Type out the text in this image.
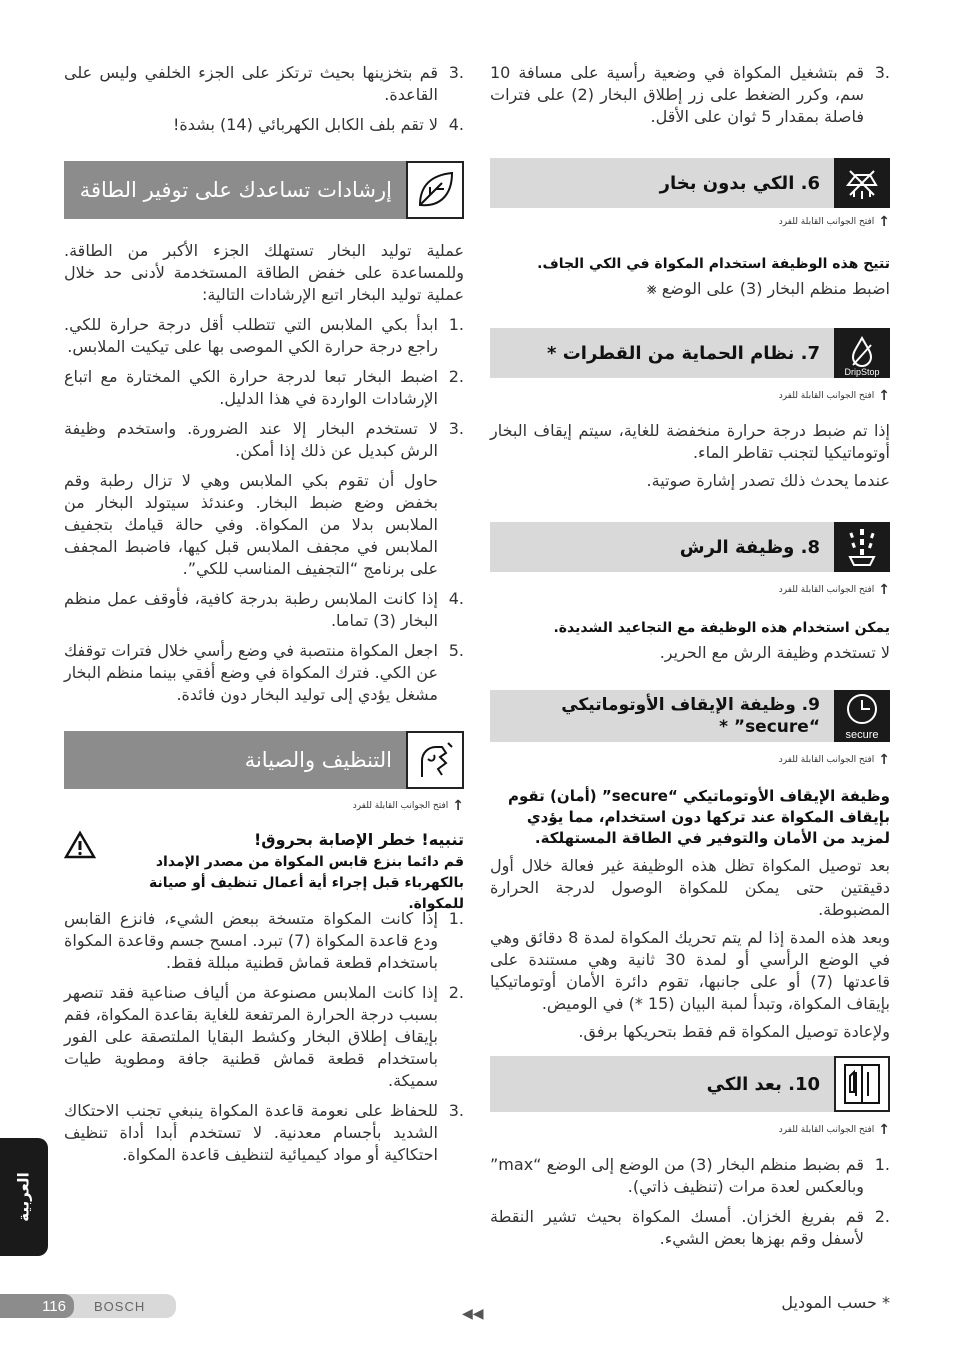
3.
قم بتشغيل المكواة في وضعية رأسية على مسافة 10 سم، وكرر الضغط على زر إطلاق البخار (2) على فترات فاصلة بمقدار 5 ثوان على الأقل.
6. الكي بدون بخار
↑
افتح الجوانب القابلة للفرد
تتيح هذه الوظيفة استخدام المكواة في الكي الجاف.
اضبط منظم البخار (3) على الوضع ⨳
DripStop
7. نظام الحماية من القطرات *
↑
افتح الجوانب القابلة للفرد
إذا تم ضبط درجة حرارة منخفضة للغاية، سيتم إيقاف البخار أوتوماتيكيا لتجنب تقاطر الماء.
عندما يحدث ذلك تصدر إشارة صوتية.
8. وظيفة الرش
↑
افتح الجوانب القابلة للفرد
يمكن استخدام هذه الوظيفة مع التجاعيد الشديدة.
لا تستخدم وظيفة الرش مع الحرير.
secure
9. وظيفة الإيقاف الأوتوماتيكي
“secure” *
↑
افتح الجوانب القابلة للفرد
وظيفة الإيقاف الأوتوماتيكي “secure” (أمان) تقوم بإيقاف المكواة عند تركها دون استخدام، مما يؤدي لمزيد من الأمان والتوفير في الطاقة المستهلكة.
بعد توصيل المكواة تظل هذه الوظيفة غير فعالة خلال أول دقيقتين حتى يمكن للمكواة الوصول لدرجة الحرارة المضبوطة.
وبعد هذه المدة إذا لم يتم تحريك المكواة لمدة 8 دقائق وهي في الوضع الرأسي أو لمدة 30 ثانية وهي مستندة على قاعدتها (7) أو على جانبها، تقوم دائرة الأمان أوتوماتيكيا بإيقاف المكواة، وتبدأ لمبة البيان (15 *) في الوميض.
ولإعادة توصيل المكواة قم فقط بتحريكها برفق.
10. بعد الكي
↑
افتح الجوانب القابلة للفرد
1.
قم بضبط منظم البخار (3) من الوضع إلى الوضع “max” وبالعكس لعدة مرات (تنظيف ذاتي).
2.
قم بفريغ الخزان. أمسك المكواة بحيث تشير النقطة لأسفل وقم بهزها بعض الشيء.
* حسب الموديل
3.
قم بتخزينها بحيث ترتكز على الجزء الخلفي وليس على القاعدة.
4.
لا تقم بلف الكابل الكهربائي (14) بشدة!
إرشادات تساعدك على توفير الطاقة
عملية توليد البخار تستهلك الجزء الأكبر من الطاقة. وللمساعدة على خفض الطاقة المستخدمة لأدنى حد خلال عملية توليد البخار اتبع الإرشادات التالية:
1.
ابدأ بكي الملابس التي تتطلب أقل درجة حرارة للكي. راجع درجة حرارة الكي الموصى بها على تيكيت الملابس.
2.
اضبط البخار تبعا لدرجة حرارة الكي المختارة مع اتباع الإرشادات الواردة في هذا الدليل.
3.
لا تستخدم البخار إلا عند الضرورة. واستخدم وظيفة الرش كبديل عن ذلك إذا أمكن.
حاول أن تقوم بكي الملابس وهي لا تزال رطبة وقم بخفض وضع ضبط البخار. وعندئذ سيتولد البخار من الملابس بدلا من المكواة. وفي حالة قيامك بتجفيف الملابس في مجفف الملابس قبل كيها، فاضبط المجفف على برنامج “التجفيف المناسب للكي”.
4.
إذا كانت الملابس رطبة بدرجة كافية، فأوقف عمل منظم البخار (3) تماما.
5.
اجعل المكواة منتصبة في وضع رأسي خلال فترات توقفك عن الكي. فترك المكواة في وضع أفقي بينما منظم البخار مشغل يؤدي إلى توليد البخار دون فائدة.
التنظيف والصيانة
↑
افتح الجوانب القابلة للفرد
تنبيه! خطر الإصابة بحروق!
قم دائما بنزع قابس المكواة من مصدر الإمداد بالكهرباء قبل إجراء أية أعمال تنظيف أو صيانة للمكواة.
1.
إذا كانت المكواة متسخة ببعض الشيء، فانزع القابس ودع قاعدة المكواة (7) تبرد. امسح جسم وقاعدة المكواة باستخدام قطعة قماش قطنية مبللة فقط.
2.
إذا كانت الملابس مصنوعة من ألياف صناعية فقد تنصهر بسبب درجة الحرارة المرتفعة للغاية بقاعدة المكواة، فقم بإيقاف إطلاق البخار وكشط البقايا الملتصقة على الفور باستخدام قطعة قماش قطنية جافة ومطوية طيات سميكة.
3.
للحفاظ على نعومة قاعدة المكواة ينبغي تجنب الاحتكاك الشديد بأجسام معدنية. لا تستخدم أبدا أداة تنظيف احتكاكية أو مواد كيميائية لتنظيف قاعدة المكواة.
العربية
116	BOSCH	◀◀
